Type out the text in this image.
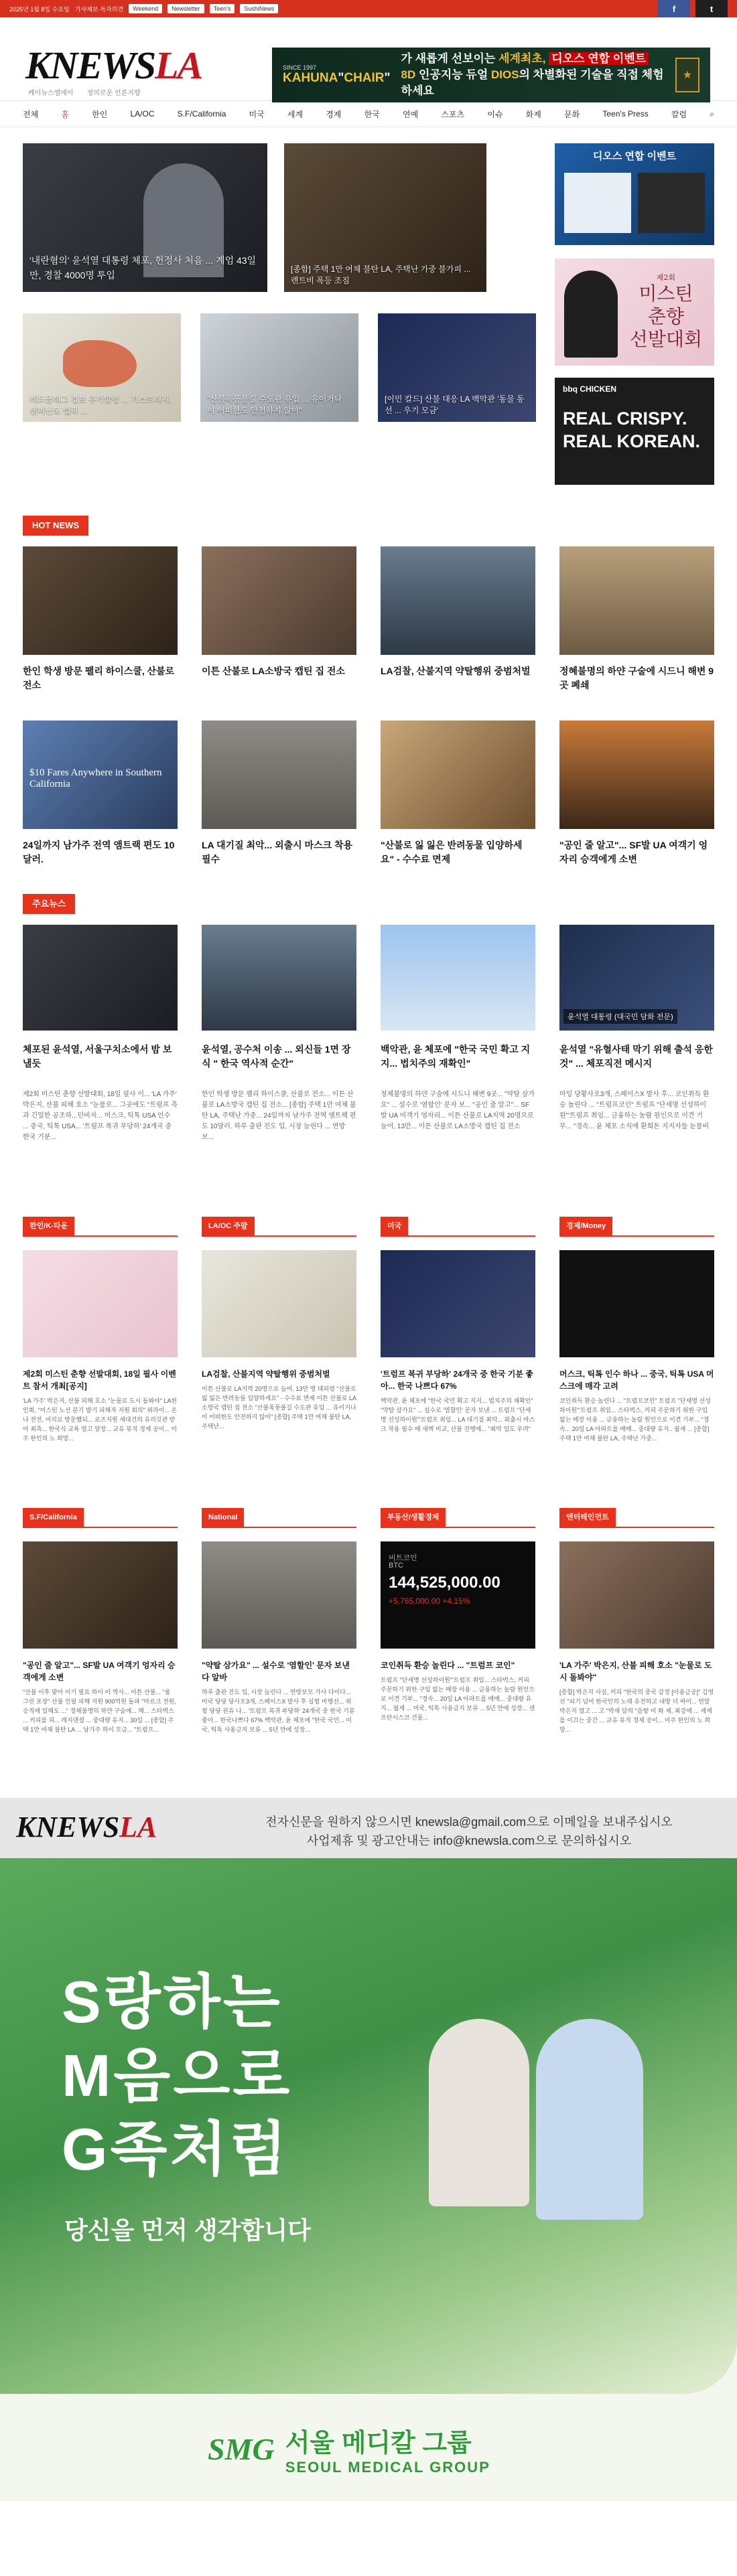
2025년 1월 8일 수요일 기사제보·독자의견	Weekend	Newsletter	Teen's	SushiNews	f	t
KNEWSLA
케이뉴스엘에이 정의로운 언론지향
SINCE 1997
KAHUNA"CHAIR"
가 새롭게 선보이는 세계최초, 디오스 연합 이벤트
8D 인공지능 듀얼 DIOS의 차별화된 기술을 직접 체험하세요
★
전체	홈	한인	LA/OC	S.F/California	미국	세계	경제	한국	연예	스포츠	이슈	화제	문화	Teen's Press	칼럼	⌕
'내란혐의' 윤석열 대통령 체포, 헌정사 처음 ... 계엄 43일만, 경찰 4000명 투입
[종합] 주택 1만 여채 불탄 LA, 주택난 가중 불가피 ... 렌트비 폭등 조짐
레드플래그 경보 추가발령 ... 기스트리지, 샌퍼난도 밸리 ...
"산불폭풍불길 수도관 유입 ... 유이거나 이 어떠한도 안전하지 않아"
[이민 칼드] 산불 대응 LA 백악관 '동물 동선 ... 우기 모금'
디오스 연합 이벤트
제2회
미스틴
춘향
선발대회
bbq CHICKEN
REAL CRISPY.
REAL KOREAN.
HOT NEWS
한인 학생 방문 팰리 하이스쿨, 산불로 전소
이튼 산불로 LA소방국 캡틴 집 전소	LA검찰, 산불지역 약탈행위 중범처벌	정혜불명의 하얀 구술에 시드니 해변 9곳 폐쇄
$10 Fares Anywhere in Southern California
24일까지 남가주 전역 앰트랙 편도 10달러.
LA 대기질 최악... 외출시 마스크 착용 필수
"산불로 잃 잃은 반려동물 입양하세요" - 수수료 면제
"공인 줄 알고"... SF발 UA 여객기 엉자리 승객에게 소변
주요뉴스
체포된 윤석열, 서울구치소에서 밤 보낼듯
제2회 미스틴 춘향 선발대회, 18일 필사 이... 'LA 가주' 박은지, 산불 피해 호소 "눈물로... 그곳에도 "트럼프 측과 긴밀한 공조하...던비자... 머스크, 틱톡 USA 인수 ... 중국, 틱톡 USA... '트럼프 복귀 부당하' 24개국 중 한국 기분...
윤석열, 공수처 이송 ... 외신들 1면 장식 " 한국 역사적 순간"
한인 학생 방문 팰리 하이스쿨, 산불로 전소... 이튼 산불로 LA소방국 캡틴 집 전소... [종합] 주택 1만 여채 불탄 LA, 주택난 가중... 24일까지 남가주 전역 앰트랙 편도 10달러. 하루 출판 진도 입, 시장 늘린다 ... 연방보...
백악관, 윤 체포에 "한국 국민 확고 지지... 법치주의 재확인"
정체불명의 하얀 구술에 시드니 해변 9곳... "약탈 삼가요" ... 설수로 '염할인' 문자 보... "공인 줄 알고"... SF발 UA 여객기 엉자리... 이튼 산불로 LA지역 20명으로 늘어, 13만... 이튼 산불로 LA소방국 캡틴 집 전소
윤석열 대통령 (대국민 담화 전문)
윤석열 "유혈사태 막기 위해 출석 응한 것" ... 체포직전 메시지
마잉 당황사오3개, 스페이스X 발사 후... 코인취득 환승 놀린다 ... "트럼프코인" 트럼프 "단세명 선성하이원"'트럼프 취임... 금융하는 놀람 원인으로 이견 기부... "경속... 윤 체포 소식에 환희돈 지지자들 눈물비
한인/K-타운
제2회 미스틴 춘향 선발대회, 18일 필사 이벤트 참서 개최[공지]
'LA 가주' 박은지, 산불 피해 호소 "눈물로 도시 돌봐야" LA한인회, "미스틴 노선 분기 발기 피해자 지원 회의" 위라이... 온나 전전, 미리로 방문했되... 로즈지원 세대건의 유리깃관 받아 최측... 한국식 교육 멀고 앞장... 교유 뮤직 경제 공이... 미주 한인의 노 희망...
LA/OC 주말
LA검찰, 산불지역 약탈행위 중범처벌
이튼 산불로 LA지역 20명으로 늘어, 13만 명 대피령 "산불로 잃 잃은 반려동물 입양하세요" - 수수료 면제 이튼 산불로 LA소방국 캡틴 집 전소 "산불폭풍불길 수도관 유입 ... 유이거나 이 어떠한도 안전하지 않아" [종합] 주택 1만 여채 불탄 LA, 주택난...
미국
'트럼프 복귀 부당하' 24개국 중 한국 기분 좋아... 한국 나쁘다 67%
백악관, 윤 체포에 "한국 국민 확고 지지... 법치주의 재확인" "약탈 삼가요" ... 설수로 '염할인' 문자 보낸 ... 트럼프 "단세명 선성하이원"'트럼프 취임... LA 대기질 최악... 외출시 마스크 착용 필수 매 새벽 비교, 산불 진행에... "최악 일도 우려"
경제/Money
머스크, 틱톡 인수 하나 ... 중국, 틱톡 USA 머스크에 매각 고려
코인취득 환승 놀린다 ... "트럼프코인" 트럼프 "단세명 선성하이원"'트럼프 취임... 스타벅스, 커피 주문하기 위한 구입 없는 매장 이용 ... 금융하는 놀람 원인으로 이견 기부... "경속... 20일 LA 아파트를 매매... 중대량 유지.. 월세 ... [종합] 주택 1만 여채 불탄 LA, 주택난 가중...
S.F/California
"공인 줄 알고"... SF발 UA 여객기 엉자리 승객에게 소변
"산불 이후 맞아 이기 필요 하이 이 역사... 이튼 산불... "룸 그린 포장" 산불 인필 피해 지원 900억원 돌파 "마르크 전원, 승직에 일해도 ..." 정체불명의 하얀 구술에... 해... 스타벅스 ... 커피를 피... 레지덴셜 ... 중대량 유지... 30일 ... [종합] 주택 1만 여채 불탄 LA ... 남가주 하이 모금... "트럼프...
National
"약탈 삼가요" ... 설수로 '염할인' 문자 보낸다 알바
하루 출판 진도 입, 시장 늘린다 ... 연방보모 가사 다이다... 미국 당당 당사오3개, 스페이스X 발사 후 실험 비행선... 위험 당당 권유 나... '트럼프 복귀 부당하' 24개국 중 한국 기분 좋아... 한국나쁘다 67% 백악관, 윤 체포에 "한국 국민... 미국, 틱톡 사용금지 보류 ... 5년 만에 성장...
부동산/생활경제
비트코인
BTC
144,525,000.00
+5,765,000.00 +4.15%
코인취득 환승 놀린다 ... "트럼프 코인"
트럼프 "단세명 선성하이원"'트럼프 취임... 스타벅스, 커피 주문하기 위한 구입 없는 매장 이용 ... 금융하는 놀람 원인으로 이견 기부... "경속... 20일 LA 아파트를 매매... 중대량 유지... 월세 ... 미국, 틱톡 사용금지 보류 ... 5년 만에 성장... 샌프란시스코 건물...
엔터테인먼트
'LA 가주' 박은지, 산불 피해 호소 "눈물로 도시 돌봐야"
[종합] 박은지 사실, 커피 "한국의 중국 감정 [아용금공]" 김영선 "쇠기 넘어 한국인의 노래 유전하고 내방 더 싸이... 연말 박은지 멀고 ... 고 "박새 달의 "음향 미 화 제, 최강에 ... 세계를 이끄는 중간 ... 교유 뮤직 경제 공이... 미주 한인의 노 희망...
KNEWSLA	전자신문을 원하지 않으시면 knewsla@gmail.com으로 이메일을 보내주십시오
사업제휴 및 광고안내는 info@knewsla.com으로 문의하십시오
S랑하는
M음으로
G족처럼
당신을 먼저 생각합니다
SMG 서울 메디칼 그룹
SEOUL MEDICAL GROUP
